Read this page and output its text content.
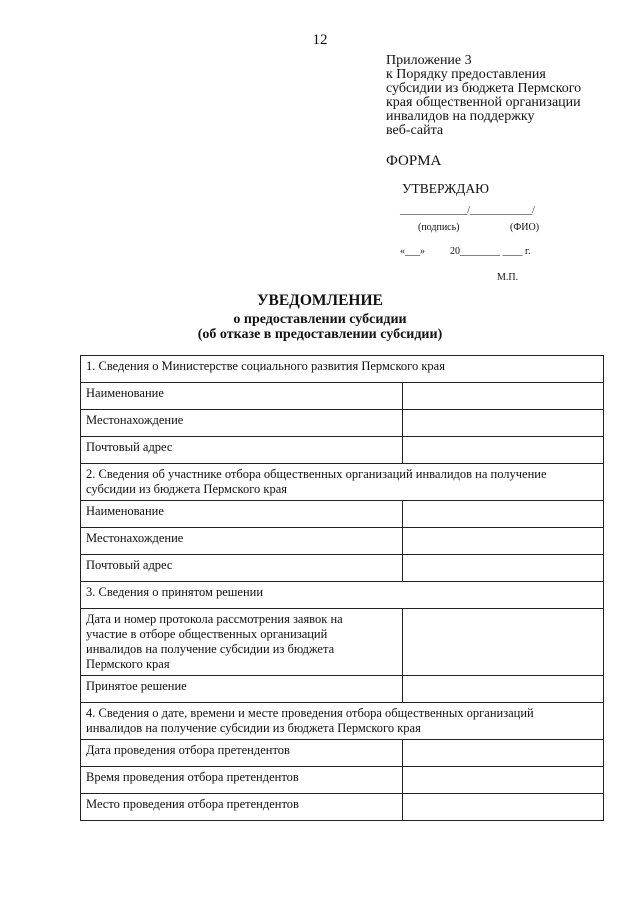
12
Приложение 3
к Порядку предоставления
субсидии из бюджета Пермского
края общественной организации
инвалидов на поддержку
веб-сайта
ФОРМА
УТВЕРЖДАЮ
______________/_____________/
(подпись)	(ФИО)
«___»          20________ ____ г.
М.П.
УВЕДОМЛЕНИЕ
о предоставлении субсидии
(об отказе в предоставлении субсидии)
1. Сведения о Министерстве социального развития Пермского края	
Наименование	
Местонахождение	
Почтовый адрес	
2. Сведения об участнике отбора общественных организаций инвалидов на получение субсидии из бюджета Пермского края	
Наименование	
Местонахождение	
Почтовый адрес	
3. Сведения о принятом решении	
Дата и номер протокола рассмотрения заявок на участие в отборе общественных организаций инвалидов на получение субсидии из бюджета Пермского края	
Принятое решение	
4. Сведения о дате, времени и месте проведения отбора общественных организаций инвалидов на получение субсидии из бюджета Пермского края	
Дата проведения отбора претендентов	
Время проведения отбора претендентов	
Место проведения отбора претендентов	
